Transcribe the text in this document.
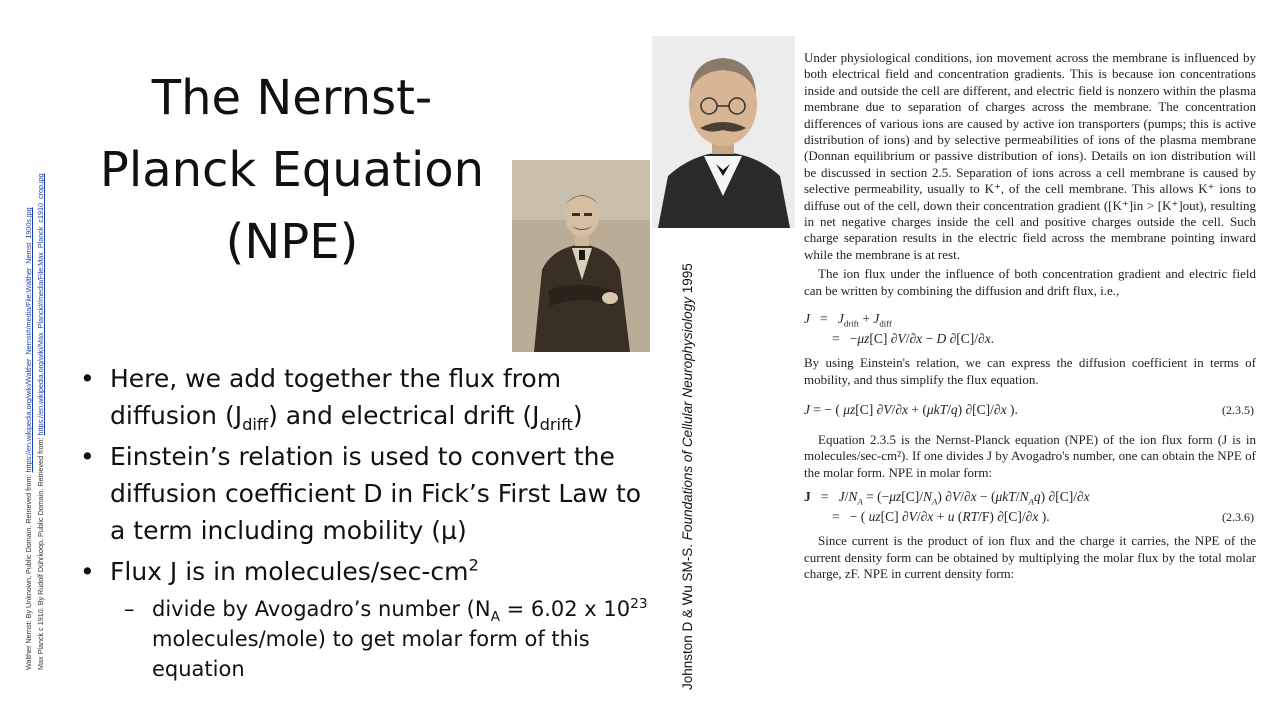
Walther Nernst: By Unknown, Public Domain. Retrieved from: https://en.wikipedia.org/wiki/Walther_Nernst#/media/File:Walther_Nernst_1900s.jpg
Max Planck c 1910. By Rudolf Dührkoop, Public Domain. Retrieved from: https://en.wikipedia.org/wiki/Max_Planck#/media/File:Max_Planck_c1910_crop.jpg
The Nernst-
Planck Equation
(NPE)
• Here, we add together the flux from diffusion $(J_{diff})$ and electrical drift $(J_{drift})$
• Einstein’s relation is used to convert the diffusion coefficient D in Fick’s First Law to a term including mobility (µ)
• Flux J is in molecules/$\sec-cm^2$
– divide by Avogadro’s number ($N_A = 6.02$ x $10^{23}$ molecules/mole) to get molar form of this equation	Johnston D & Wu SM-S. Foundations of Cellular Neurophysiology 1995

Under physiological conditions, ion movement across the membrane is influenced by both electrical field and concentration gradients. This is because ion concentrations inside and outside the cell are different, and electric field is nonzero within the plasma membrane due to separation of charges across the membrane. The concentration differences of various ions are caused by active ion transporters (pumps; this is active distribution of ions) and by selective permeabilities of ions of the plasma membrane (Donnan equilibrium or passive distribution of ions). Details on ion distribution will be discussed in section 2.5. Separation of ions across a cell membrane is caused by selective permeability, usually to K⁺, of the cell membrane. This allows K⁺ ions to diffuse out of the cell, down their concentration gradient ([K⁺]in > [K⁺]out), resulting in net negative charges inside the cell and positive charges outside the cell. Such charge separation results in the electric field across the membrane pointing inward while the membrane is at rest.

The ion flux under the influence of both concentration gradient and electric field can be written by combining the diffusion and drift flux, i.e.,

$J = J_{drift} + J_{diff}$
=   −μz[C] ∂V/∂x − D ∂[C]/∂x.

By using Einstein's relation, we can express the diffusion coefficient in terms of mobility, and thus simplify the flux equation.

J = − ( μz[C] ∂V/∂x + (μkT/q) ∂[C]/∂x ).	(2.3.5)

Equation 2.3.5 is the Nernst-Planck equation (NPE) of the ion flux form (J is in molecules/sec-cm²). If one divides J by Avogadro's number, one can obtain the NPE of the molar form. NPE in molar form:

$J = J/N_A = (-\mu z[C]/N_A) \partial V/\partial x - (\mu kT/N_Aq)$ ∂[C]/∂x
=   − ( uz[C] ∂V/∂x + u (RT/F) ∂[C]/∂x ).	(2.3.6)

Since current is the product of ion flux and the charge it carries, the NPE of the current density form can be obtained by multiplying the molar flux by the total molar charge, zF. NPE in current density form:
